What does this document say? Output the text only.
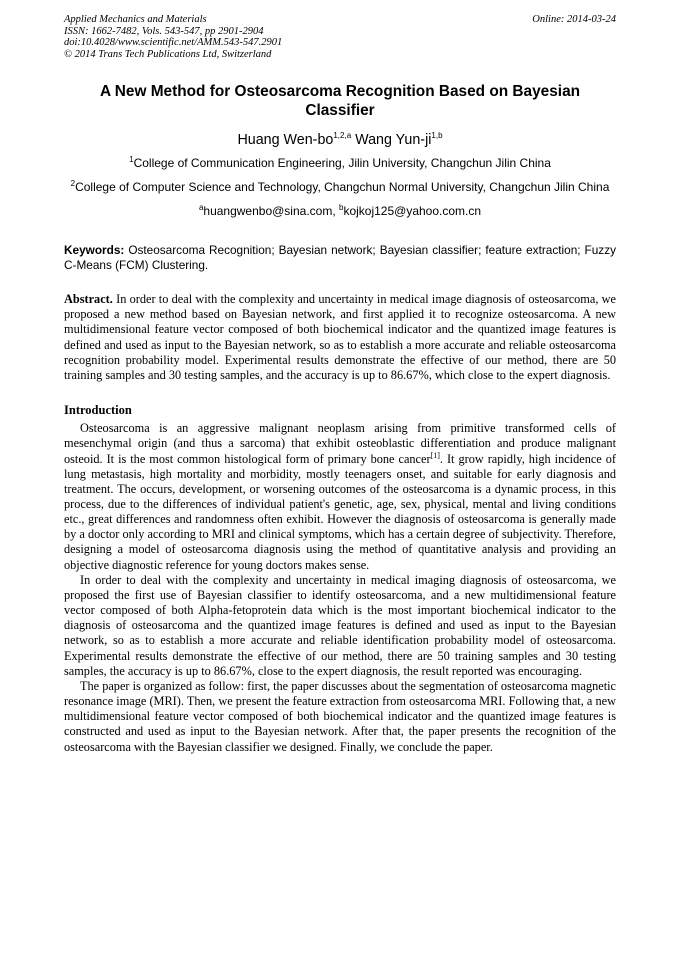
Applied Mechanics and Materials
ISSN: 1662-7482, Vols. 543-547, pp 2901-2904
doi:10.4028/www.scientific.net/AMM.543-547.2901
© 2014 Trans Tech Publications Ltd, Switzerland
Online: 2014-03-24
A New Method for Osteosarcoma Recognition Based on Bayesian Classifier
Huang Wen-bo$^{1,2,a}$ Wang Yun-ji$^{1,b}$
$^1$College of Communication Engineering, Jilin University, Changchun Jilin China
$^2$College of Computer Science and Technology, Changchun Normal University, Changchun Jilin China
$^a$huangwenbo@sina.com, $^b$kojkoj125@yahoo.com.cn
Keywords: Osteosarcoma Recognition; Bayesian network; Bayesian classifier; feature extraction; Fuzzy C-Means (FCM) Clustering.
Abstract. In order to deal with the complexity and uncertainty in medical image diagnosis of osteosarcoma, we proposed a new method based on Bayesian network, and first applied it to recognize osteosarcoma. A new multidimensional feature vector composed of both biochemical indicator and the quantized image features is defined and used as input to the Bayesian network, so as to establish a more accurate and reliable osteosarcoma recognition probability model. Experimental results demonstrate the effective of our method, there are 50 training samples and 30 testing samples, and the accuracy is up to 86.67%, which close to the expert diagnosis.
Introduction
Osteosarcoma is an aggressive malignant neoplasm arising from primitive transformed cells of mesenchymal origin (and thus a sarcoma) that exhibit osteoblastic differentiation and produce malignant osteoid. It is the most common histological form of primary bone cancer[1]. It grow rapidly, high incidence of lung metastasis, high mortality and morbidity, mostly teenagers onset, and suitable for early diagnosis and treatment. The occurs, development, or worsening outcomes of the osteosarcoma is a dynamic process, in this process, due to the differences of individual patient's genetic, age, sex, physical, mental and living conditions etc., great differences and randomness often exhibit. However the diagnosis of osteosarcoma is generally made by a doctor only according to MRI and clinical symptoms, which has a certain degree of subjectivity. Therefore, designing a model of osteosarcoma diagnosis using the method of quantitative analysis and providing an objective diagnostic reference for young doctors makes sense.
In order to deal with the complexity and uncertainty in medical imaging diagnosis of osteosarcoma, we proposed the first use of Bayesian classifier to identify osteosarcoma, and a new multidimensional feature vector composed of both Alpha-fetoprotein data which is the most important biochemical indicator to the diagnosis of osteosarcoma and the quantized image features is defined and used as input to the Bayesian network, so as to establish a more accurate and reliable identification probability model of osteosarcoma. Experimental results demonstrate the effective of our method, there are 50 training samples and 30 testing samples, the accuracy is up to 86.67%, close to the expert diagnosis, the result reported was encouraging.
The paper is organized as follow: first, the paper discusses about the segmentation of osteosarcoma magnetic resonance image (MRI). Then, we present the feature extraction from osteosarcoma MRI. Following that, a new multidimensional feature vector composed of both biochemical indicator and the quantized image features is constructed and used as input to the Bayesian network. After that, the paper presents the recognition of the osteosarcoma with the Bayesian classifier we designed. Finally, we conclude the paper.
